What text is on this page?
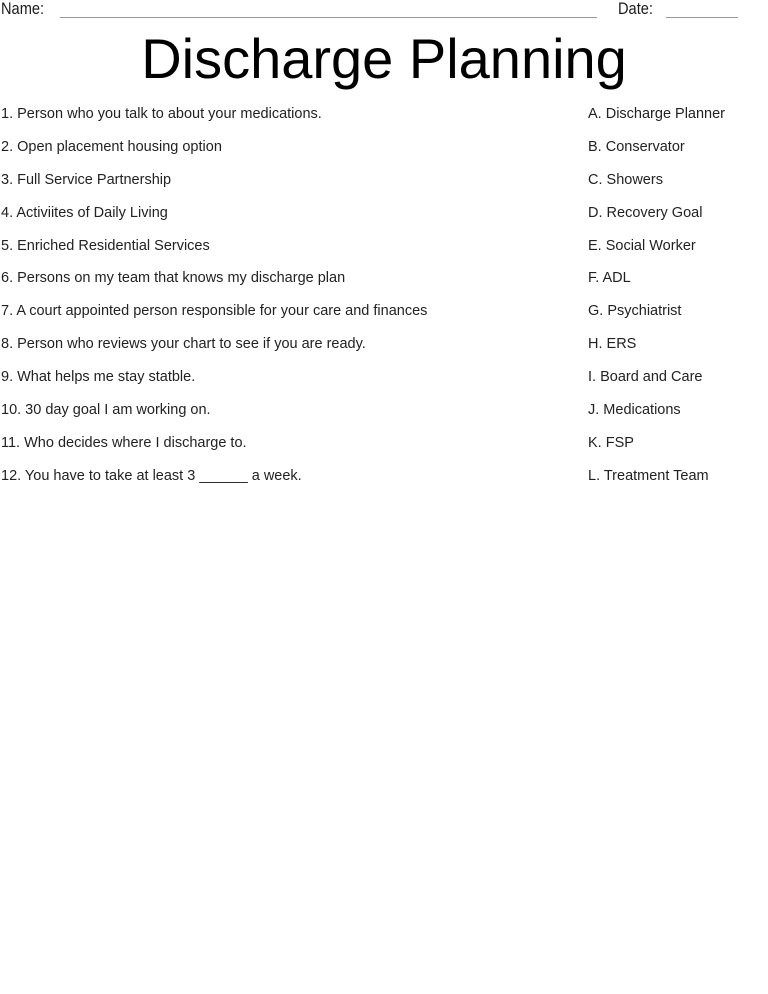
Name:	Date:
Discharge Planning
1. Person who you talk to about your medications.
2. Open placement housing option
3. Full Service Partnership
4. Activiites of Daily Living
5. Enriched Residential Services
6. Persons on my team that knows my discharge plan
7. A court appointed person responsible for your care and finances
8. Person who reviews your chart to see if you are ready.
9. What helps me stay statble.
10. 30 day goal I am working on.
11. Who decides where I discharge to.
12. You have to take at least 3 ______ a week.
A. Discharge Planner
B. Conservator
C. Showers
D. Recovery Goal
E. Social Worker
F. ADL
G. Psychiatrist
H. ERS
I. Board and Care
J. Medications
K. FSP
L. Treatment Team
